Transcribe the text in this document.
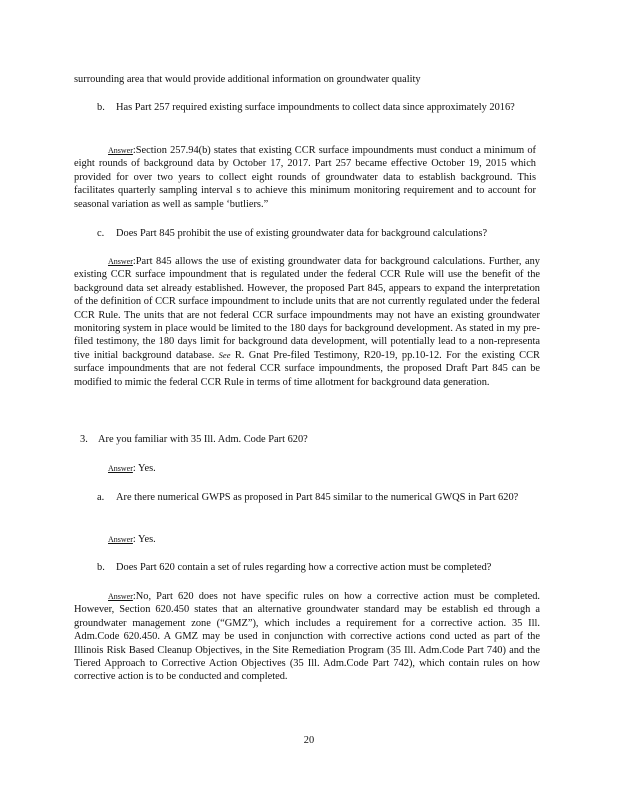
surrounding area that would provide additional information on groundwater quality
b. Has Part 257 required existing surface impoundments to collect data since approximately 2016?
Answer:Section 257.94(b) states that existing CCR surface impoundments must conduct a minimum of eight rounds of background data by October 17, 2017. Part 257 became effective October 19, 2015 which provided for over two years to collect eight rounds of groundwater data to establish background. This facilitates quarterly sampling interval s to achieve this minimum monitoring requirement and to account for seasonal variation as well as sample ‘butliers.”
c. Does Part 845 prohibit the use of existing groundwater data for background calculations?
Answer:Part 845 allows the use of existing groundwater data for background calculations. Further, any existing CCR surface impoundment that is regulated under the federal CCR Rule will use the benefit of the background data set already established. However, the proposed Part 845, appears to expand the interpretation of the definition of CCR surface impoundment to include units that are not currently regulated under the federal CCR Rule. The units that are not federal CCR surface impoundments may not have an existing groundwater monitoring system in place would be limited to the 180 days for background development. As stated in my pre-filed testimony, the 180 days limit for background data development, will potentially lead to a non-representa tive initial background database. See R. Gnat Pre-filed Testimony, R20-19, pp.10-12. For the existing CCR surface impoundments that are not federal CCR surface impoundments, the proposed Draft Part 845 can be modified to mimic the federal CCR Rule in terms of time allotment for background data generation.
3. Are you familiar with 35 Ill. Adm. Code Part 620?
Answer: Yes.
a. Are there numerical GWPS as proposed in Part 845 similar to the numerical GWQS in Part 620?
Answer: Yes.
b. Does Part 620 contain a set of rules regarding how a corrective action must be completed?
Answer:No, Part 620 does not have specific rules on how a corrective action must be completed. However, Section 620.450 states that an alternative groundwater standard may be establish ed through a groundwater management zone (“GMZ”), which includes a requirement for a corrective action. 35 Ill. Adm.Code 620.450. A GMZ may be used in conjunction with corrective actions cond ucted as part of the Illinois Risk Based Cleanup Objectives, in the Site Remediation Program (35 Ill. Adm.Code Part 740) and the Tiered Approach to Corrective Action Objectives (35 Ill. Adm.Code Part 742), which contain rules on how corrective action is to be conducted and completed.
20
